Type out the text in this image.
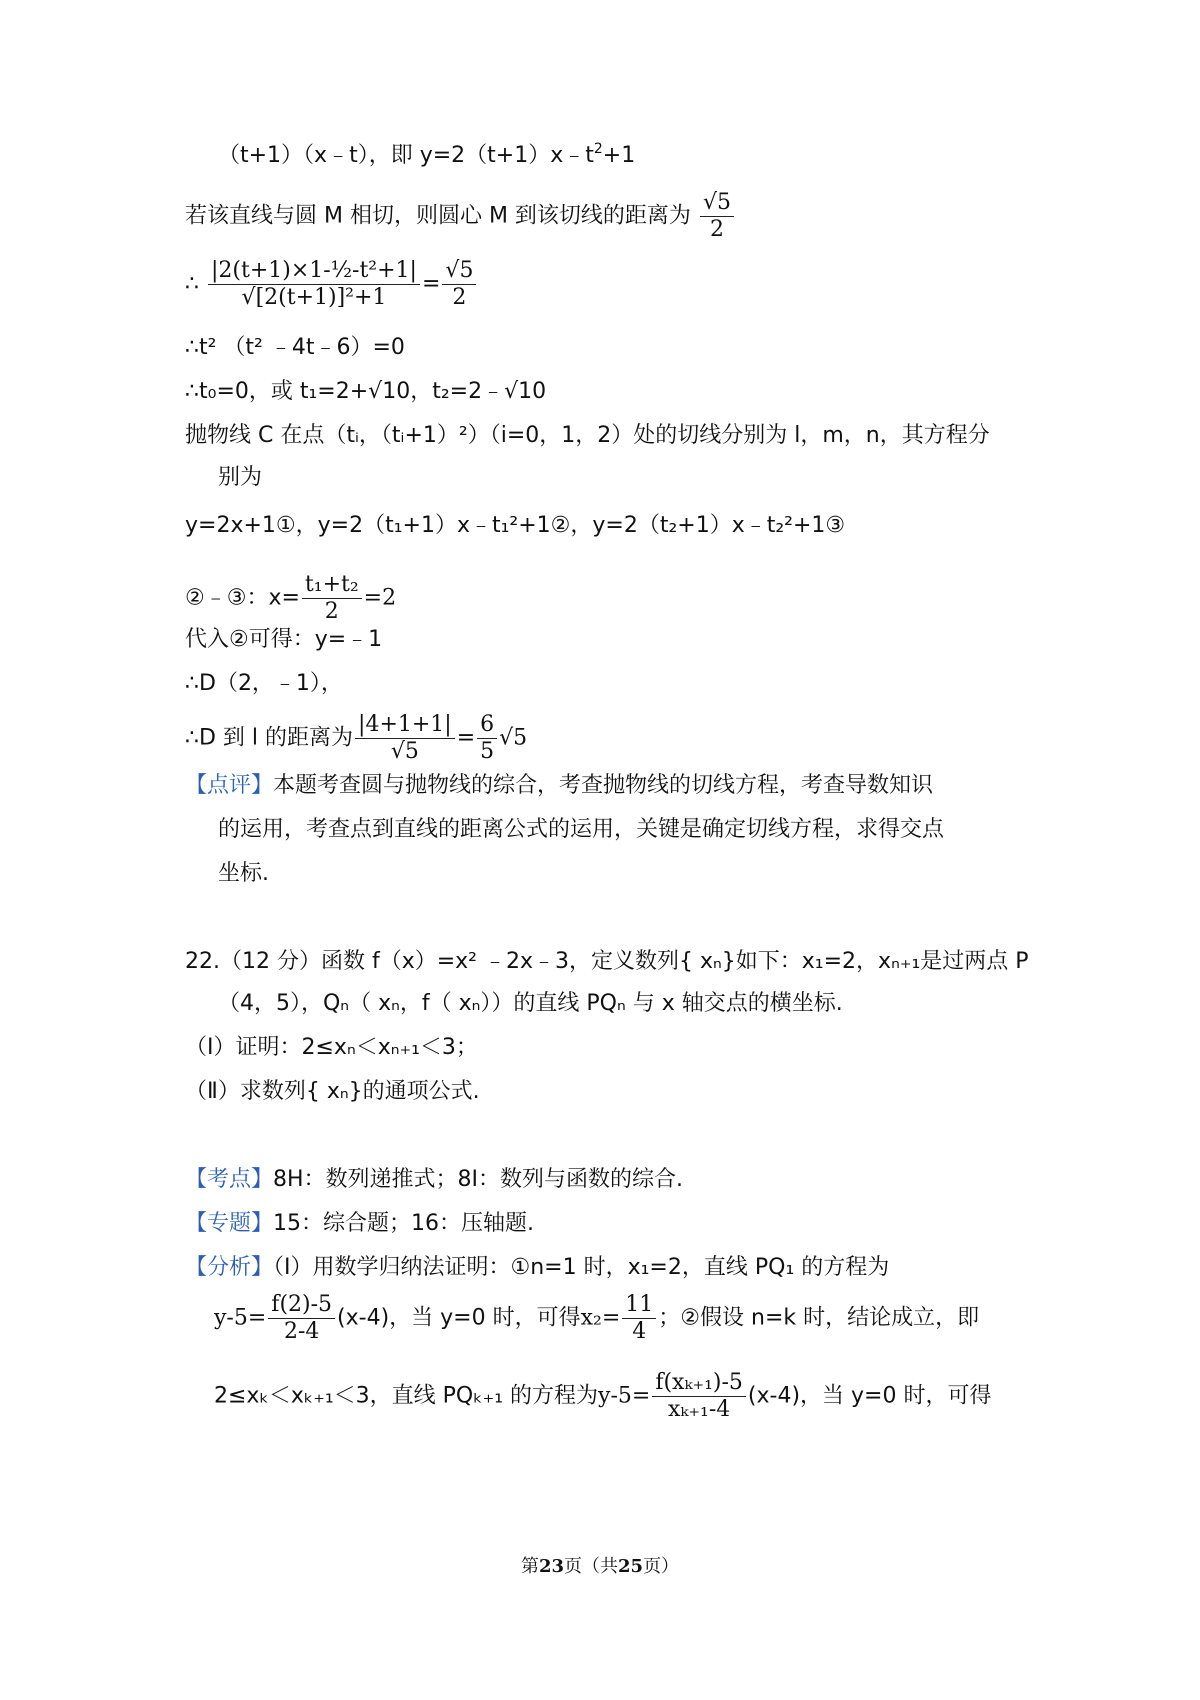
（t+1）（x﹣t），即 $y=2(t+1)x﹣t^2+1$
若该直线与圆 M 相切，则圆心 M 到该切线的距离为 $\frac{√5}{2}$
∴ $\frac{\text{|2(t+1)×1-½-t²+1|}}{\text{√[2(t+1)]²+1}} = \frac{√5}{2}$
∴t² （t² ﹣4t﹣6）=0
∴t₀=0，或 t₁=2+√10，t₂=2﹣√10
抛物线 C 在点（tᵢ，（tᵢ+1）²）（i=0，1，2）处的切线分别为 l，m，n，其方程分
别为
y=2x+1①，y=2（t₁+1）x﹣t₁²+1②，y=2（t₂+1）x﹣t₂²+1③
②﹣③：$x= \frac{\text{t₁+t₂}}{2} =2$
代入②可得：y=﹣1
∴D（2，﹣1），
∴D 到 l 的距离为 $\frac{|4+1+1|}{√5} = \frac{6}{5} √5$
【点评】本题考查圆与抛物线的综合，考查抛物线的切线方程，考查导数知识
的运用，考查点到直线的距离公式的运用，关键是确定切线方程，求得交点
坐标.
22.（12 分）函数 f（x）=x² ﹣2x﹣3，定义数列{ xₙ}如下：x₁=2，xₙ₊₁是过两点 P
（4，5），Qₙ（ xₙ，f（ xₙ））的直线 PQₙ 与 x 轴交点的横坐标.
（Ⅰ）证明：2≤xₙ＜xₙ₊₁＜3；
（Ⅱ）求数列{ xₙ}的通项公式.
【考点】8H：数列递推式；8I：数列与函数的综合.
【专题】15：综合题；16：压轴题.
【分析】（Ⅰ）用数学归纳法证明：①n=1 时，x₁=2，直线 PQ₁ 的方程为
$y-5= \frac{f(2)-5}{2-4} (x-4)$，当 y=0 时，可得$x_2= \frac{11}{4}$ ；②假设 n=k 时，结论成立，即
2≤xₖ＜xₖ₊₁＜3，直线 PQₖ₊₁ 的方程为$y-5= \frac{\text{f(xₖ₊₁)-5}}{\text{xₖ₊₁-4}} (x-4)$，当 y=0 时，可得
第23页（共25页）
